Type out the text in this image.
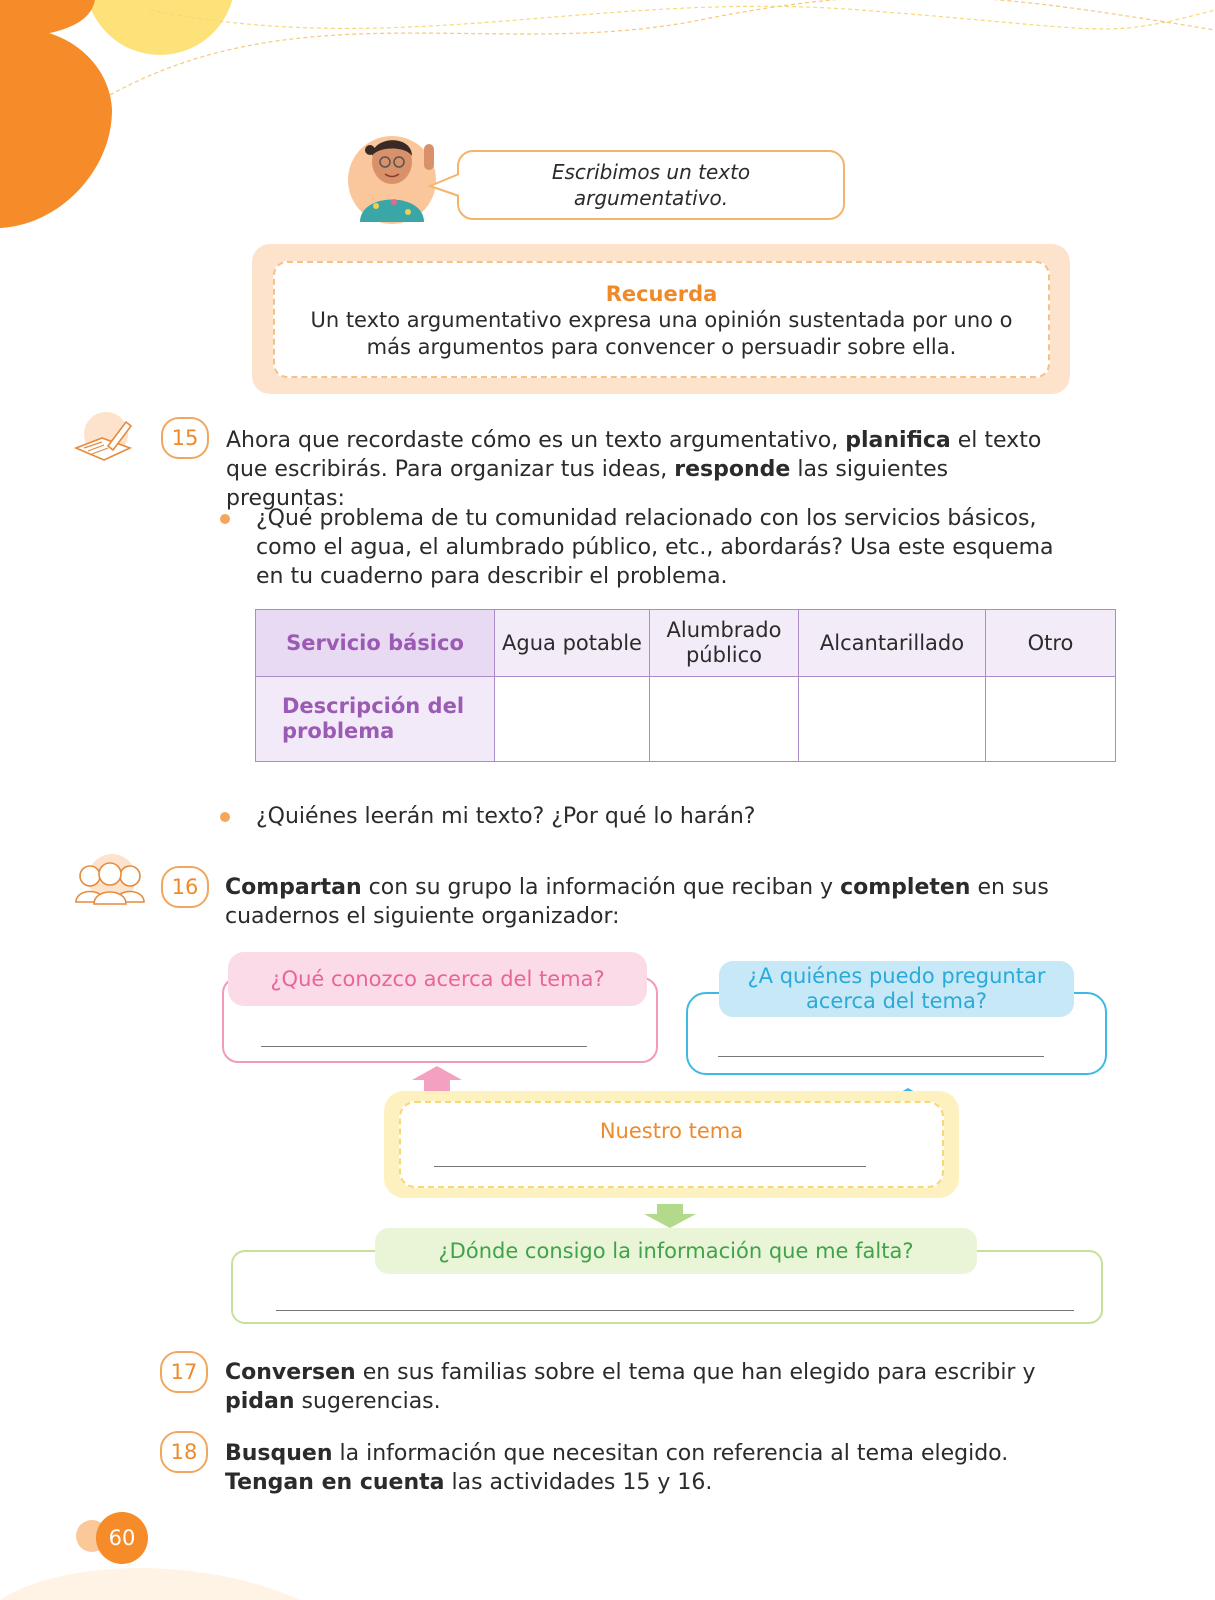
Escribimos un texto argumentativo.
Recuerda
Un texto argumentativo expresa una opinión sustentada por uno o más argumentos para convencer o persuadir sobre ella.
15	Ahora que recordaste cómo es un texto argumentativo, planifica el texto que escribirás. Para organizar tus ideas, responde las siguientes preguntas:
¿Qué problema de tu comunidad relacionado con los servicios básicos, como el agua, el alumbrado público, etc., abordarás? Usa este esquema en tu cuaderno para describir el problema.
Servicio básico	Agua potable	Alumbrado público	Alcantarillado	Otro
Descripción del problema				
¿Quiénes leerán mi texto? ¿Por qué lo harán?
16	Compartan con su grupo la información que reciban y completen en sus cuadernos el siguiente organizador:
¿Qué conozco acerca del tema?	¿A quiénes puedo preguntar acerca del tema?
Nuestro tema
¿Dónde consigo la información que me falta?
17	Conversen en sus familias sobre el tema que han elegido para escribir y pidan sugerencias.
18	Busquen la información que necesitan con referencia al tema elegido. Tengan en cuenta las actividades 15 y 16.
60
